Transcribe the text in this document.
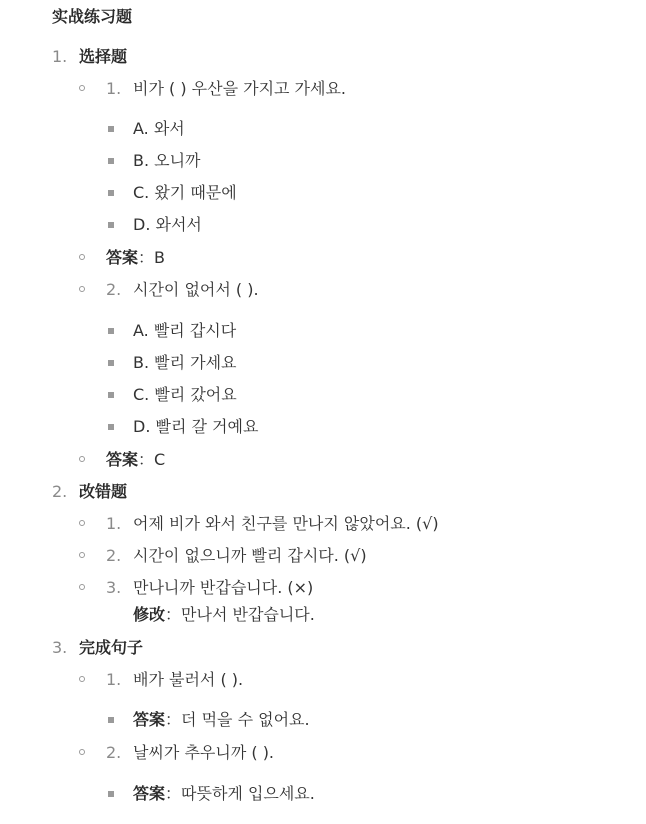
实战练习题
1. 选择题
1. 비가 ( ) 우산을 가지고 가세요.
A. 와서
B. 오니까
C. 왔기 때문에
D. 와서서
答案：B
2. 시간이 없어서 ( ).
A. 빨리 갑시다
B. 빨리 가세요
C. 빨리 갔어요
D. 빨리 갈 거예요
答案：C
2. 改错题
1. 어제 비가 와서 친구를 만나지 않았어요. (√)
2. 시간이 없으니까 빨리 갑시다. (√)
3. 만나니까 반갑습니다. (×)
修改：만나서 반갑습니다.
3. 完成句子
1. 배가 불러서 ( ).
答案：더 먹을 수 없어요.
2. 날씨가 추우니까 ( ).
答案：따뜻하게 입으세요.
